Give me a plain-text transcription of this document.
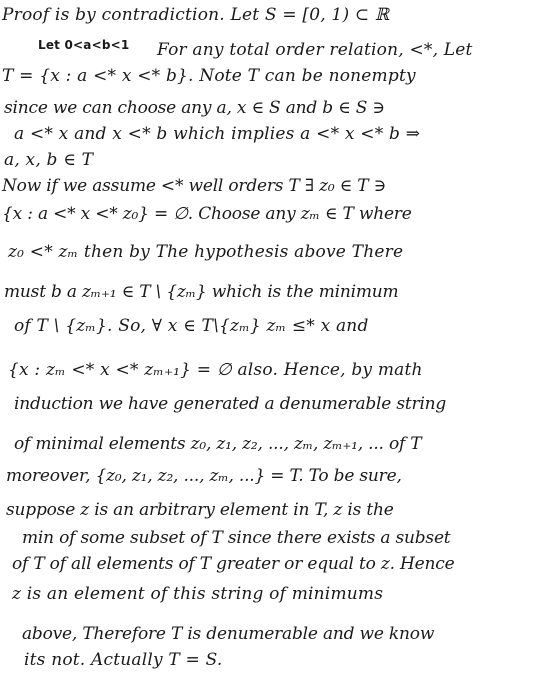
Proof is by contradiction. Let S = [0, 1) ⊂ ℝ
Let 0<a<b<1 For any total order relation, <*, Let
T = {x : a <* x <* b}. Note T can be nonempty
since we can choose any a, x ∈ S and b ∈ S ∋
a <* x and x <* b which implies a <* x <* b ⇒
a, x, b ∈ T
Now if we assume <* well orders T ∃ z₀ ∈ T ∋
{x : a <* x <* z₀} = ∅. Choose any zₘ ∈ T where
z₀ <* zₘ then by The hypothesis above There
must b a zₘ₊₁ ∈ T \ {zₘ} which is the minimum
of T \ {zₘ}. So, ∀ x ∈ T\{zₘ} zₘ ≤* x and
{x : zₘ <* x <* zₘ₊₁} = ∅ also. Hence, by math
induction we have generated a denumerable string
of minimal elements z₀, z₁, z₂, ..., zₘ, zₘ₊₁, ... of T
moreover, {z₀, z₁, z₂, ..., zₘ, ...} = T. To be sure,
suppose z is an arbitrary element in T, z is the
min of some subset of T since there exists a subset
of T of all elements of T greater or equal to z. Hence
z is an element of this string of minimums
above, Therefore T is denumerable and we know
its not. Actually T = S.
